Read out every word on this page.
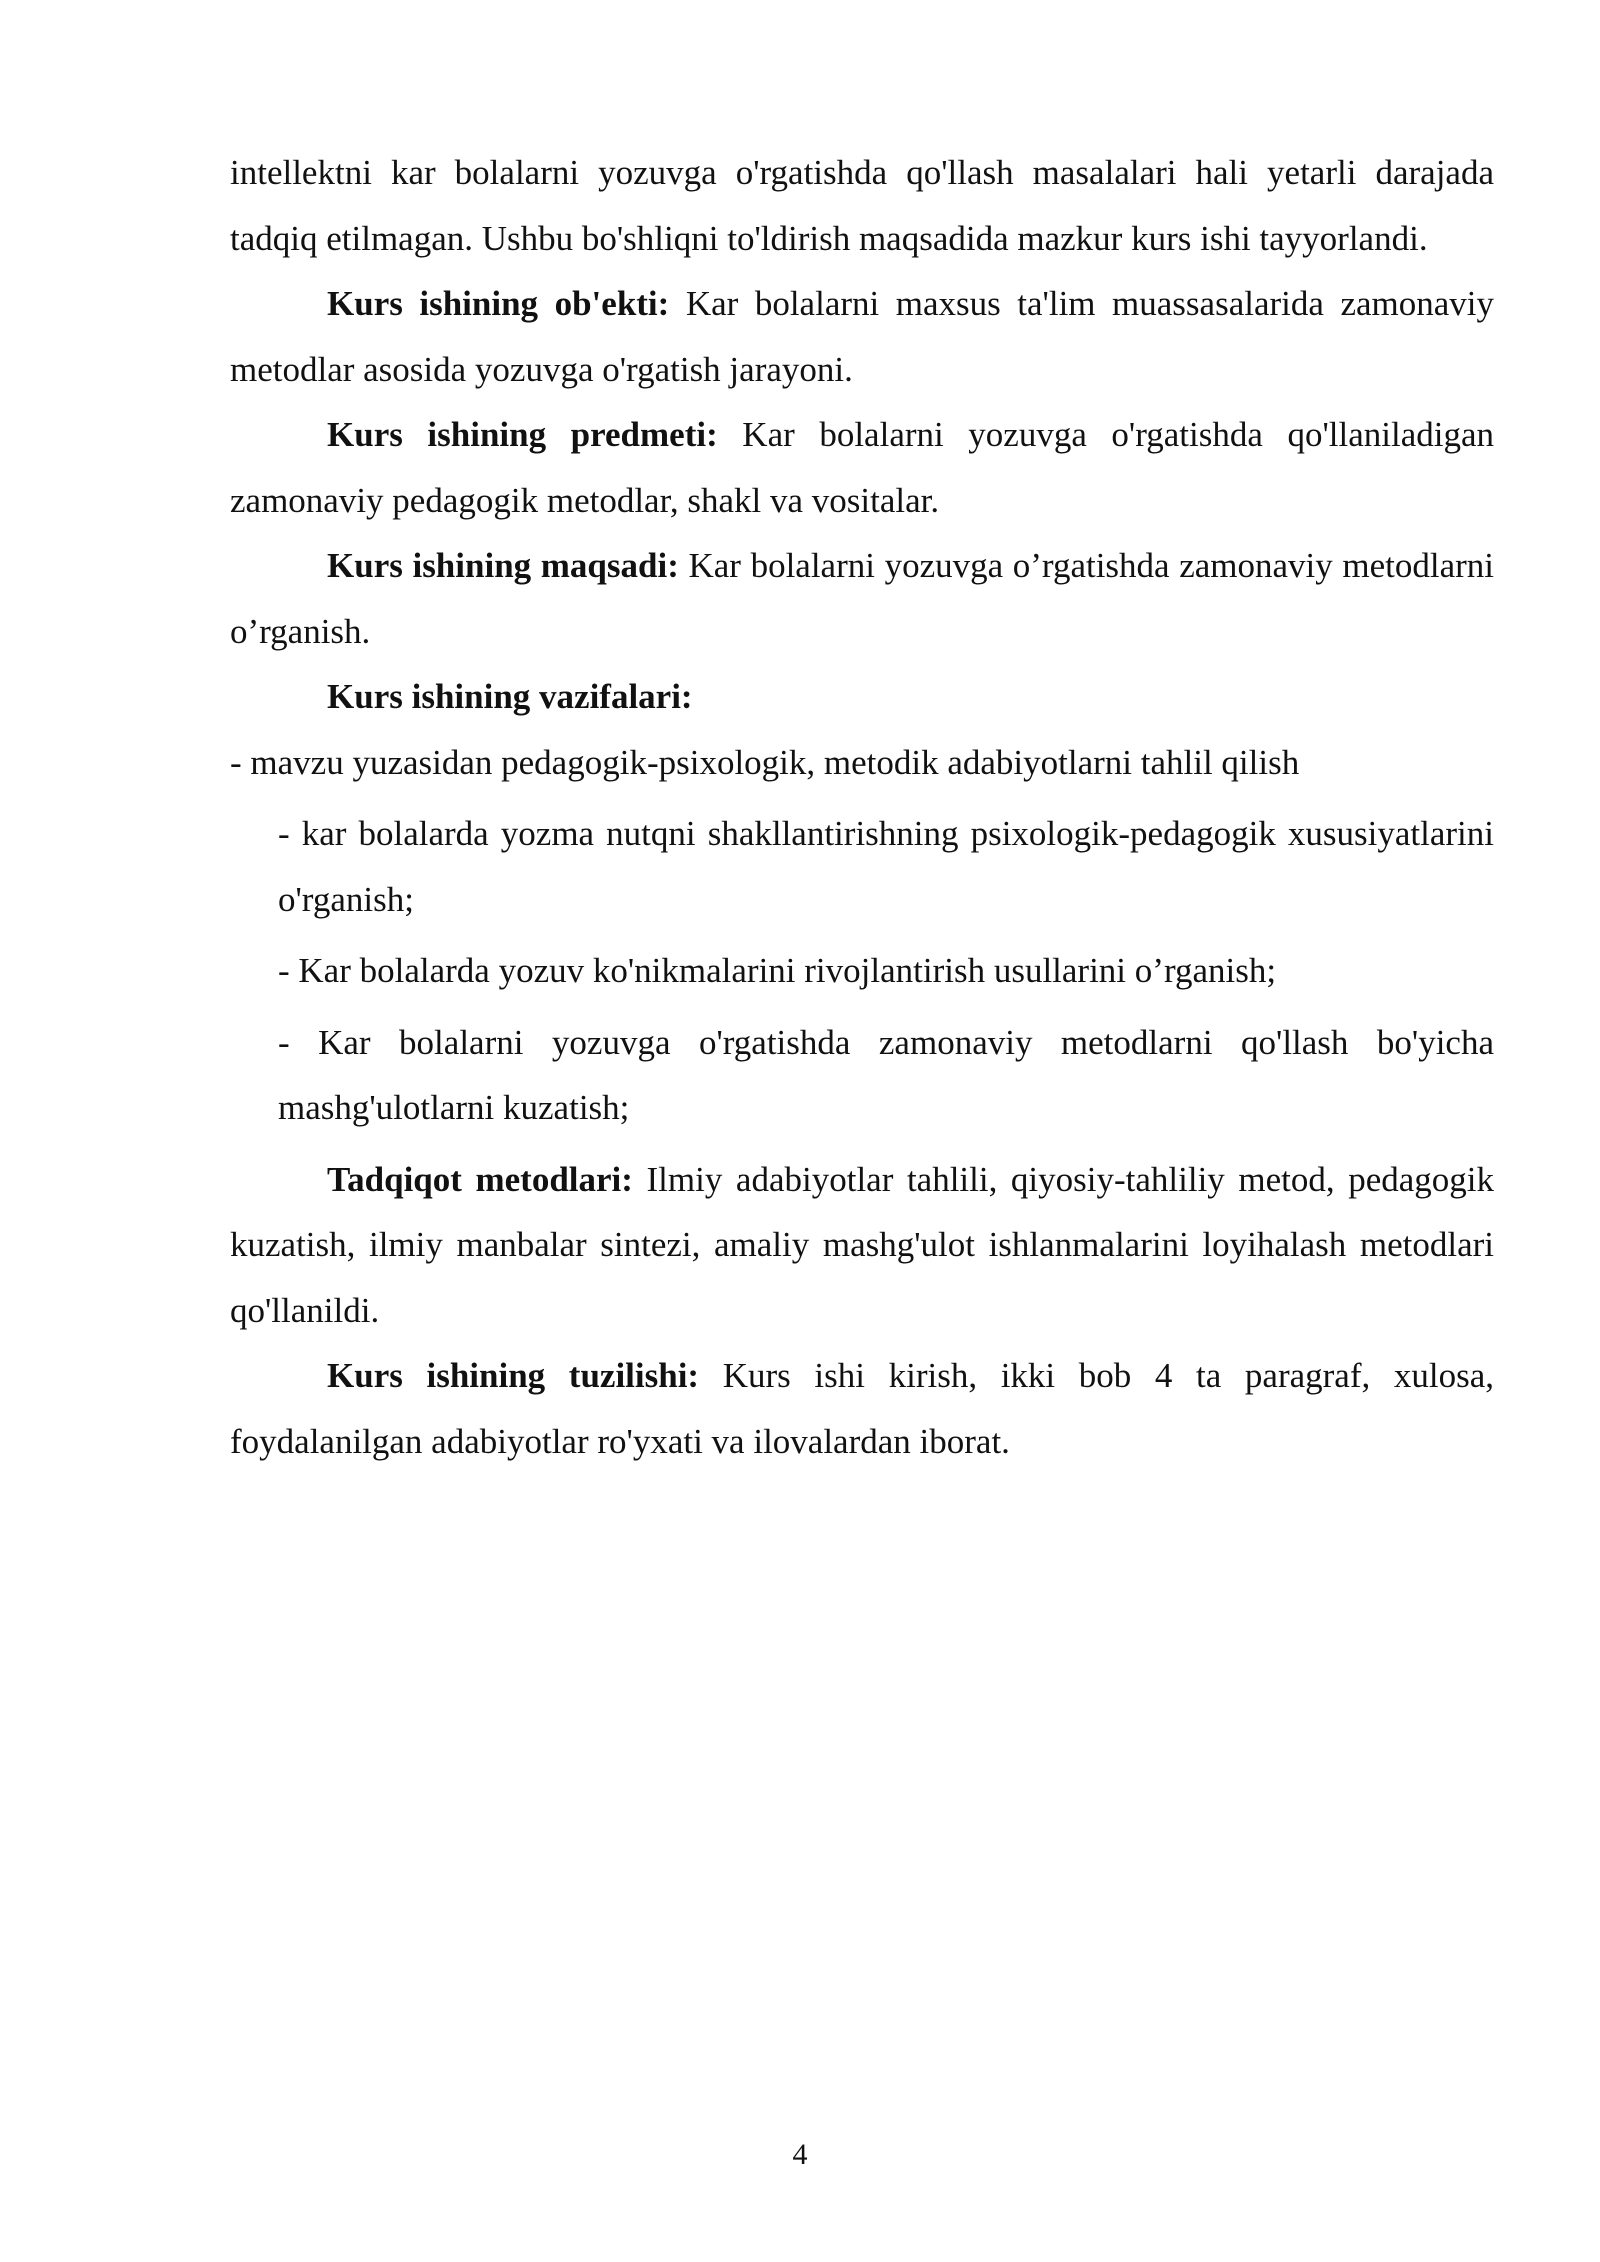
intellektni kar bolalarni yozuvga o'rgatishda qo'llash masalalari hali yetarli darajada tadqiq etilmagan. Ushbu bo'shliqni to'ldirish maqsadida mazkur kurs ishi tayyorlandi.

Kurs ishining ob'ekti: Kar bolalarni maxsus ta'lim muassasalarida zamonaviy metodlar asosida yozuvga o'rgatish jarayoni.

Kurs ishining predmeti: Kar bolalarni yozuvga o'rgatishda qo'llaniladigan zamonaviy pedagogik metodlar, shakl va vositalar.

Kurs ishining maqsadi: Kar bolalarni yozuvga o’rgatishda zamonaviy metodlarni o’rganish.

Kurs ishining vazifalari:

- mavzu yuzasidan pedagogik-psixologik, metodik adabiyotlarni tahlil qilish

- kar bolalarda yozma nutqni shakllantirishning psixologik-pedagogik xususiyatlarini o'rganish;

- Kar bolalarda yozuv ko'nikmalarini rivojlantirish usullarini o’rganish;

- Kar bolalarni yozuvga o'rgatishda zamonaviy metodlarni qo'llash bo'yicha mashg'ulotlarni kuzatish;

Tadqiqot metodlari: Ilmiy adabiyotlar tahlili, qiyosiy-tahliliy metod, pedagogik kuzatish, ilmiy manbalar sintezi, amaliy mashg'ulot ishlanmalarini loyihalash metodlari qo'llanildi.

Kurs ishining tuzilishi: Kurs ishi kirish, ikki bob 4 ta paragraf, xulosa, foydalanilgan adabiyotlar ro'yxati va ilovalardan iborat.

4
